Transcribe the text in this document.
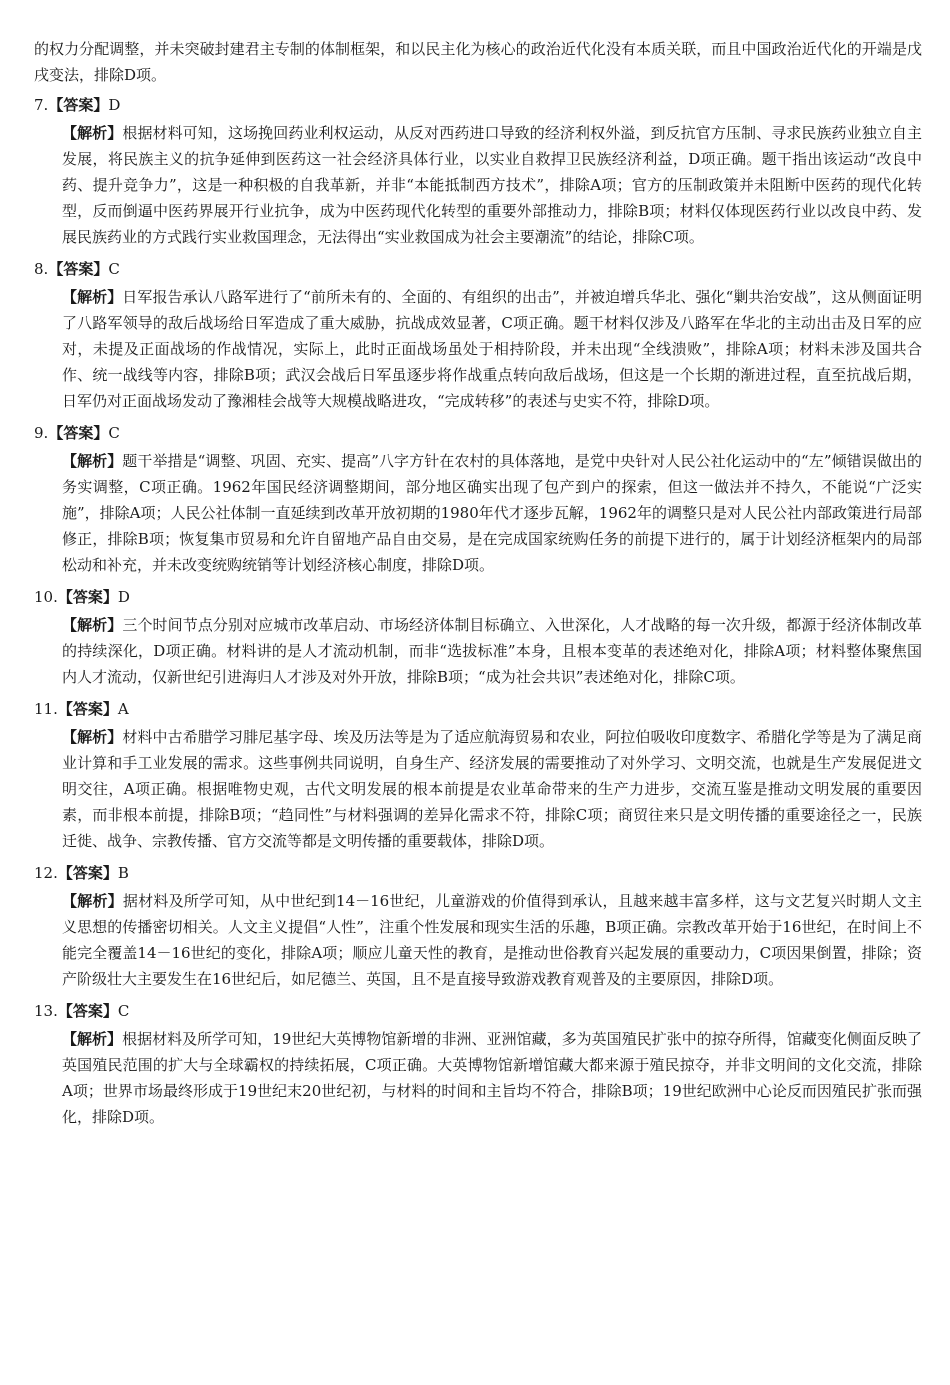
的权力分配调整，并未突破封建君主专制的体制框架，和以民主化为核心的政治近代化没有本质关联，而且中国政治近代化的开端是戊戌变法，排除D项。

7.【答案】D

【解析】根据材料可知，这场挽回药业利权运动，从反对西药进口导致的经济利权外溢，到反抗官方压制、寻求民族药业独立自主发展，将民族主义的抗争延伸到医药这一社会经济具体行业，以实业自救捍卫民族经济利益，D项正确。题干指出该运动“改良中药、提升竞争力”，这是一种积极的自我革新，并非“本能抵制西方技术”，排除A项；官方的压制政策并未阻断中医药的现代化转型，反而倒逼中医药界展开行业抗争，成为中医药现代化转型的重要外部推动力，排除B项；材料仅体现医药行业以改良中药、发展民族药业的方式践行实业救国理念，无法得出“实业救国成为社会主要潮流”的结论，排除C项。

8.【答案】C

【解析】日军报告承认八路军进行了“前所未有的、全面的、有组织的出击”，并被迫增兵华北、强化“剿共治安战”，这从侧面证明了八路军领导的敌后战场给日军造成了重大威胁，抗战成效显著，C项正确。题干材料仅涉及八路军在华北的主动出击及日军的应对，未提及正面战场的作战情况，实际上，此时正面战场虽处于相持阶段，并未出现“全线溃败”，排除A项；材料未涉及国共合作、统一战线等内容，排除B项；武汉会战后日军虽逐步将作战重点转向敌后战场，但这是一个长期的渐进过程，直至抗战后期，日军仍对正面战场发动了豫湘桂会战等大规模战略进攻，“完成转移”的表述与史实不符，排除D项。

9.【答案】C

【解析】题干举措是“调整、巩固、充实、提高”八字方针在农村的具体落地，是党中央针对人民公社化运动中的“左”倾错误做出的务实调整，C项正确。1962年国民经济调整期间，部分地区确实出现了包产到户的探索，但这一做法并不持久，不能说“广泛实施”，排除A项；人民公社体制一直延续到改革开放初期的1980年代才逐步瓦解，1962年的调整只是对人民公社内部政策进行局部修正，排除B项；恢复集市贸易和允许自留地产品自由交易，是在完成国家统购任务的前提下进行的，属于计划经济框架内的局部松动和补充，并未改变统购统销等计划经济核心制度，排除D项。

10.【答案】D

【解析】三个时间节点分别对应城市改革启动、市场经济体制目标确立、入世深化，人才战略的每一次升级，都源于经济体制改革的持续深化，D项正确。材料讲的是人才流动机制，而非“选拔标准”本身，且根本变革的表述绝对化，排除A项；材料整体聚焦国内人才流动，仅新世纪引进海归人才涉及对外开放，排除B项；“成为社会共识”表述绝对化，排除C项。

11.【答案】A

【解析】材料中古希腊学习腓尼基字母、埃及历法等是为了适应航海贸易和农业，阿拉伯吸收印度数字、希腊化学等是为了满足商业计算和手工业发展的需求。这些事例共同说明，自身生产、经济发展的需要推动了对外学习、文明交流，也就是生产发展促进文明交往，A项正确。根据唯物史观，古代文明发展的根本前提是农业革命带来的生产力进步，交流互鉴是推动文明发展的重要因素，而非根本前提，排除B项；“趋同性”与材料强调的差异化需求不符，排除C项；商贸往来只是文明传播的重要途径之一，民族迁徙、战争、宗教传播、官方交流等都是文明传播的重要载体，排除D项。

12.【答案】B

【解析】据材料及所学可知，从中世纪到14－16世纪，儿童游戏的价值得到承认，且越来越丰富多样，这与文艺复兴时期人文主义思想的传播密切相关。人文主义提倡“人性”，注重个性发展和现实生活的乐趣，B项正确。宗教改革开始于16世纪，在时间上不能完全覆盖14－16世纪的变化，排除A项；顺应儿童天性的教育，是推动世俗教育兴起发展的重要动力，C项因果倒置，排除；资产阶级壮大主要发生在16世纪后，如尼德兰、英国，且不是直接导致游戏教育观普及的主要原因，排除D项。

13.【答案】C

【解析】根据材料及所学可知，19世纪大英博物馆新增的非洲、亚洲馆藏，多为英国殖民扩张中的掠夺所得，馆藏变化侧面反映了英国殖民范围的扩大与全球霸权的持续拓展，C项正确。大英博物馆新增馆藏大都来源于殖民掠夺，并非文明间的文化交流，排除A项；世界市场最终形成于19世纪末20世纪初，与材料的时间和主旨均不符合，排除B项；19世纪欧洲中心论反而因殖民扩张而强化，排除D项。
